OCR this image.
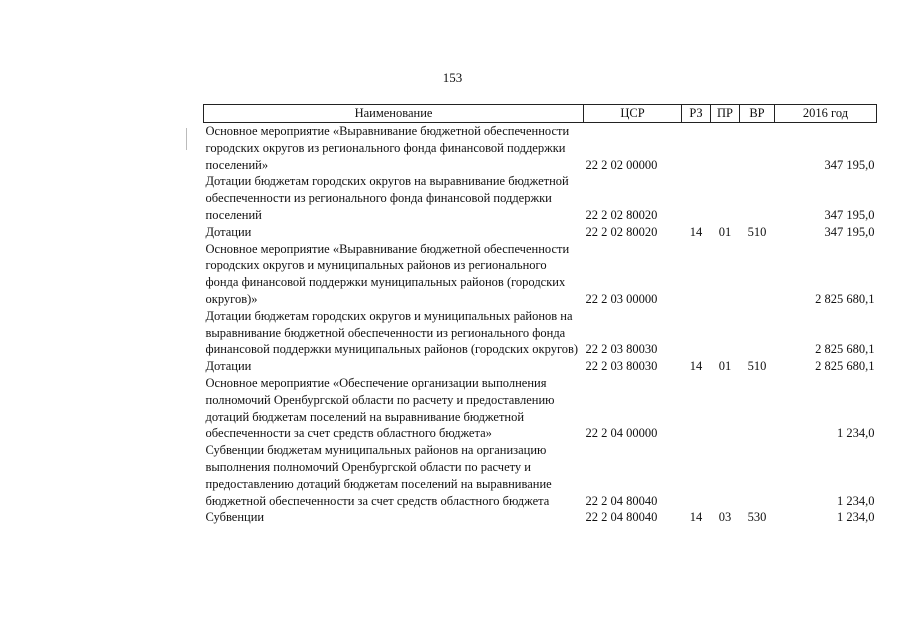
153
Наименование	ЦСР	РЗ	ПР	ВР	2016 год
Основное мероприятие «Выравнивание бюджетной обеспеченности городских округов из регионального фонда финансовой поддержки поселений»	22 2 02 00000				347 195,0
Дотации бюджетам городских округов на выравнивание бюджетной обеспеченности из регионального фонда финансовой поддержки поселений	22 2 02 80020				347 195,0
Дотации	22 2 02 80020	14	01	510	347 195,0
Основное мероприятие «Выравнивание бюджетной обеспеченности городских округов и муниципальных районов из регионального фонда финансовой поддержки муниципальных районов (городских округов)»	22 2 03 00000				2 825 680,1
Дотации бюджетам городских округов и муниципальных районов на выравнивание бюджетной обеспеченности из регионального фонда финансовой поддержки муниципальных районов (городских округов)	22 2 03 80030				2 825 680,1
Дотации	22 2 03 80030	14	01	510	2 825 680,1
Основное мероприятие «Обеспечение организации выполнения полномочий Оренбургской области по расчету и предоставлению дотаций бюджетам поселений на выравнивание бюджетной обеспеченности за счет средств областного бюджета»	22 2 04 00000				1 234,0
Субвенции бюджетам муниципальных районов на организацию выполнения полномочий Оренбургской области по расчету и предоставлению дотаций бюджетам поселений на выравнивание бюджетной обеспеченности за счет средств областного бюджета	22 2 04 80040				1 234,0
Субвенции	22 2 04 80040	14	03	530	1 234,0
